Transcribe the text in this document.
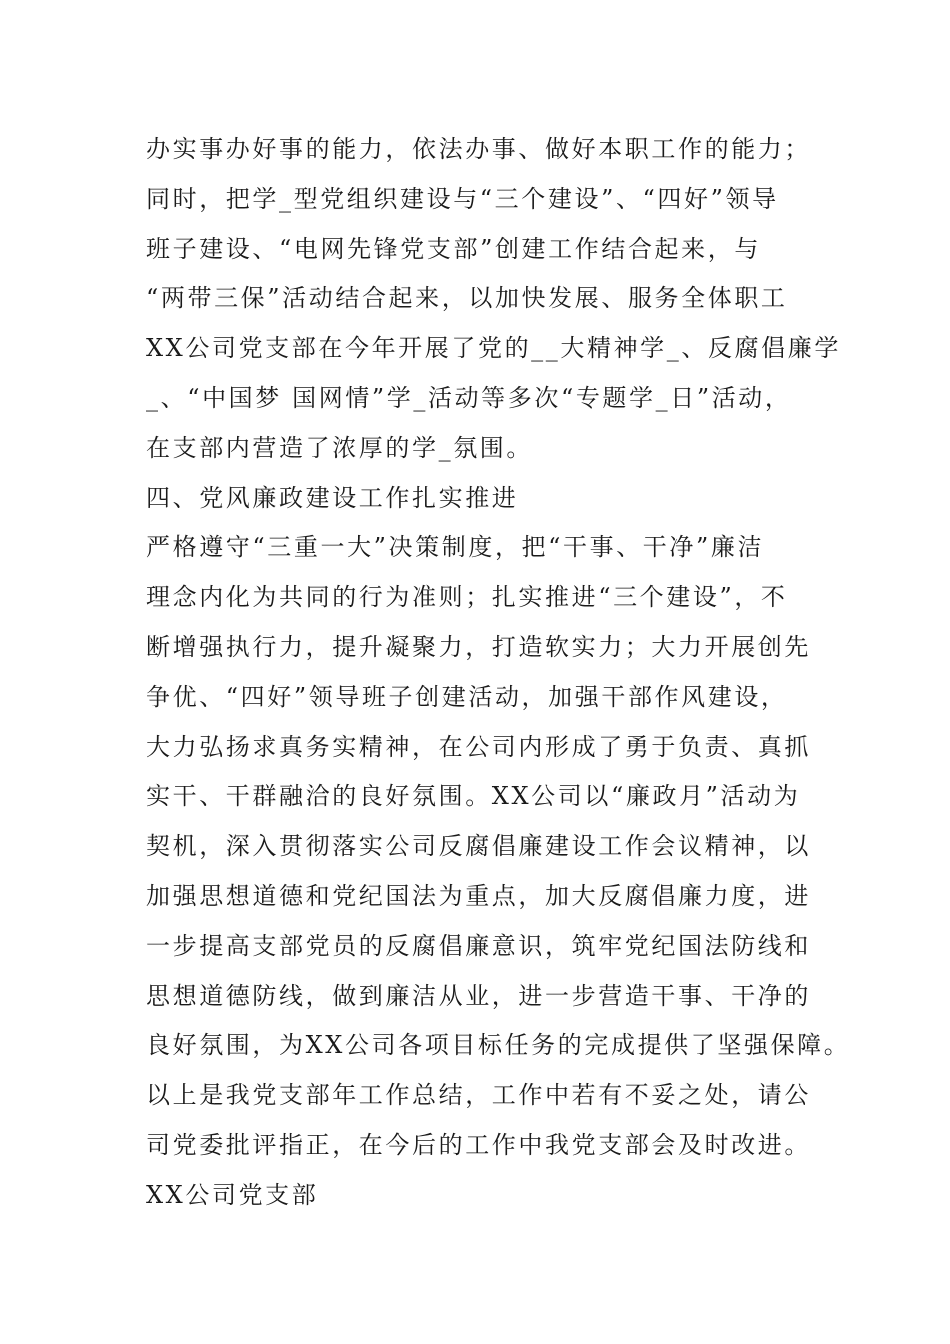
办实事办好事的能力，依法办事、做好本职工作的能力；
同时，把学_型党组织建设与“三个建设”、“四好”领导
班子建设、“电网先锋党支部”创建工作结合起来，与
“两带三保”活动结合起来，以加快发展、服务全体职工
XX公司党支部在今年开展了党的__大精神学_、反腐倡廉学
_、“中国梦 国网情”学_活动等多次“专题学_日”活动，
在支部内营造了浓厚的学_氛围。
四、党风廉政建设工作扎实推进
严格遵守“三重一大”决策制度，把“干事、干净”廉洁
理念内化为共同的行为准则；扎实推进“三个建设”，不
断增强执行力，提升凝聚力，打造软实力；大力开展创先
争优、“四好”领导班子创建活动，加强干部作风建设，
大力弘扬求真务实精神，在公司内形成了勇于负责、真抓
实干、干群融洽的良好氛围。XX公司以“廉政月”活动为
契机，深入贯彻落实公司反腐倡廉建设工作会议精神，以
加强思想道德和党纪国法为重点，加大反腐倡廉力度，进
一步提高支部党员的反腐倡廉意识，筑牢党纪国法防线和
思想道德防线，做到廉洁从业，进一步营造干事、干净的
良好氛围，为XX公司各项目标任务的完成提供了坚强保障。
以上是我党支部年工作总结，工作中若有不妥之处，请公
司党委批评指正，在今后的工作中我党支部会及时改进。
XX公司党支部
